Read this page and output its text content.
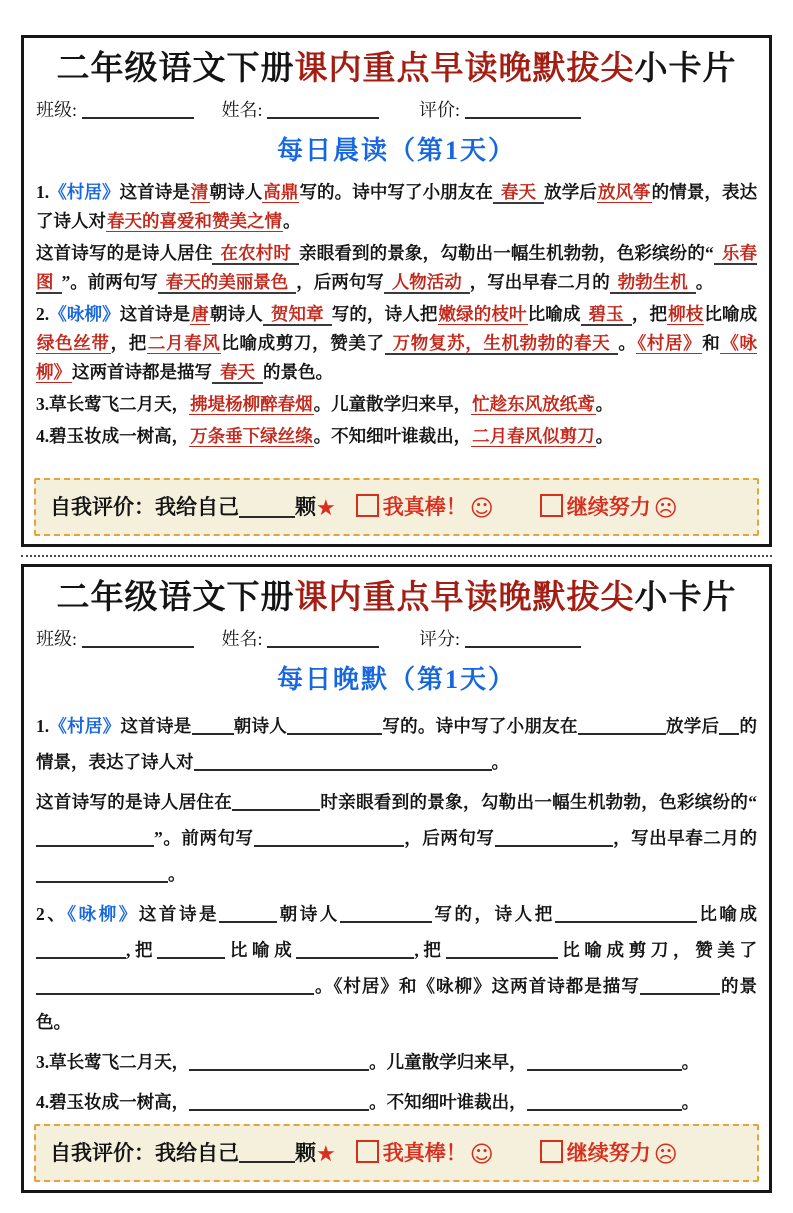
二年级语文下册课内重点早读晚默拔尖小卡片
班级:	姓名:	评价:
每日晨读（第1天）

1.《村居》这首诗是清朝诗人高鼎写的。诗中写了小朋友在 春天 放学后放风筝的情景，表达了诗人对春天的喜爱和赞美之情。

这首诗写的是诗人居住 在农村时 亲眼看到的景象，勾勒出一幅生机勃勃，色彩缤纷的“ 乐春图 ”。前两句写 春天的美丽景色 ，后两句写 人物活动 ，写出早春二月的 勃勃生机 。

2.《咏柳》这首诗是唐朝诗人 贺知章 写的，诗人把嫩绿的枝叶比喻成 碧玉 ，把柳枝比喻成绿色丝带，把二月春风比喻成剪刀，赞美了 万物复苏，生机勃勃的春天 。《村居》和《咏柳》这两首诗都是描写 春天 的景色。

3.草长莺飞二月天，拂堤杨柳醉春烟。儿童散学归来早，忙趁东风放纸鸢。

4.碧玉妆成一树高，万条垂下绿丝绦。不知细叶谁裁出，二月春风似剪刀。

自我评价：我给自己	颗★ 我真棒！ ☺	继续努力 ☹
二年级语文下册课内重点早读晚默拔尖小卡片
班级:	姓名:	评分:
每日晚默（第1天）

1.《村居》这首诗是 朝诗人	写的。诗中写了小朋友在	放学后 的情景，表达了诗人对	。

这首诗写的是诗人居住在	时亲眼看到的景象，勾勒出一幅生机勃勃，色彩缤纷的“”。前两句写	，后两句写	，写出早春二月的。

2、《咏柳》这首诗是	朝诗人	写的，诗人把	比喻成,把	比喻成	,把	比喻成剪刀，赞美了。《村居》和《咏柳》这两首诗都是描写	的景色。

3.草长莺飞二月天，	。儿童散学归来早，	。

4.碧玉妆成一树高，	。不知细叶谁裁出，	。

自我评价：我给自己	颗★ 我真棒！ ☺	继续努力 ☹
